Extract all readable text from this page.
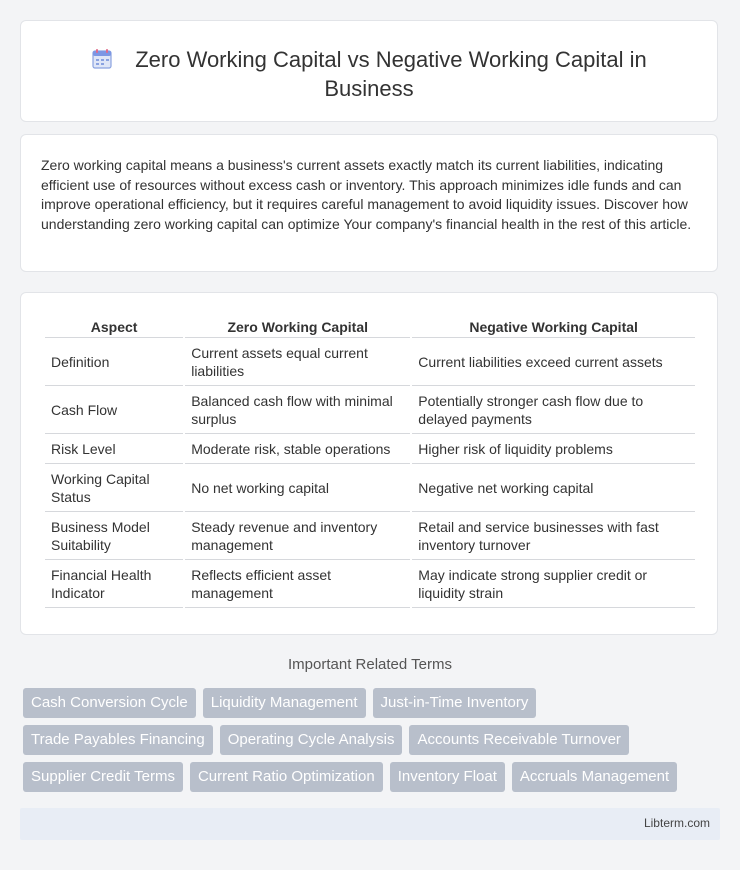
Zero Working Capital vs Negative Working Capital in Business

Zero working capital means a business's current assets exactly match its current liabilities, indicating efficient use of resources without excess cash or inventory. This approach minimizes idle funds and can improve operational efficiency, but it requires careful management to avoid liquidity issues. Discover how understanding zero working capital can optimize Your company's financial health in the rest of this article.

Aspect	Zero Working Capital	Negative Working Capital
Definition	Current assets equal current liabilities	Current liabilities exceed current assets
Cash Flow	Balanced cash flow with minimal surplus	Potentially stronger cash flow due to delayed payments
Risk Level	Moderate risk, stable operations	Higher risk of liquidity problems
Working Capital Status	No net working capital	Negative net working capital
Business Model Suitability	Steady revenue and inventory management	Retail and service businesses with fast inventory turnover
Financial Health Indicator	Reflects efficient asset management	May indicate strong supplier credit or liquidity strain
Important Related Terms
Cash Conversion Cycle	Liquidity Management	Just-in-Time Inventory
Trade Payables Financing	Operating Cycle Analysis	Accounts Receivable Turnover
Supplier Credit Terms	Current Ratio Optimization	Inventory Float	Accruals Management
Libterm.com
